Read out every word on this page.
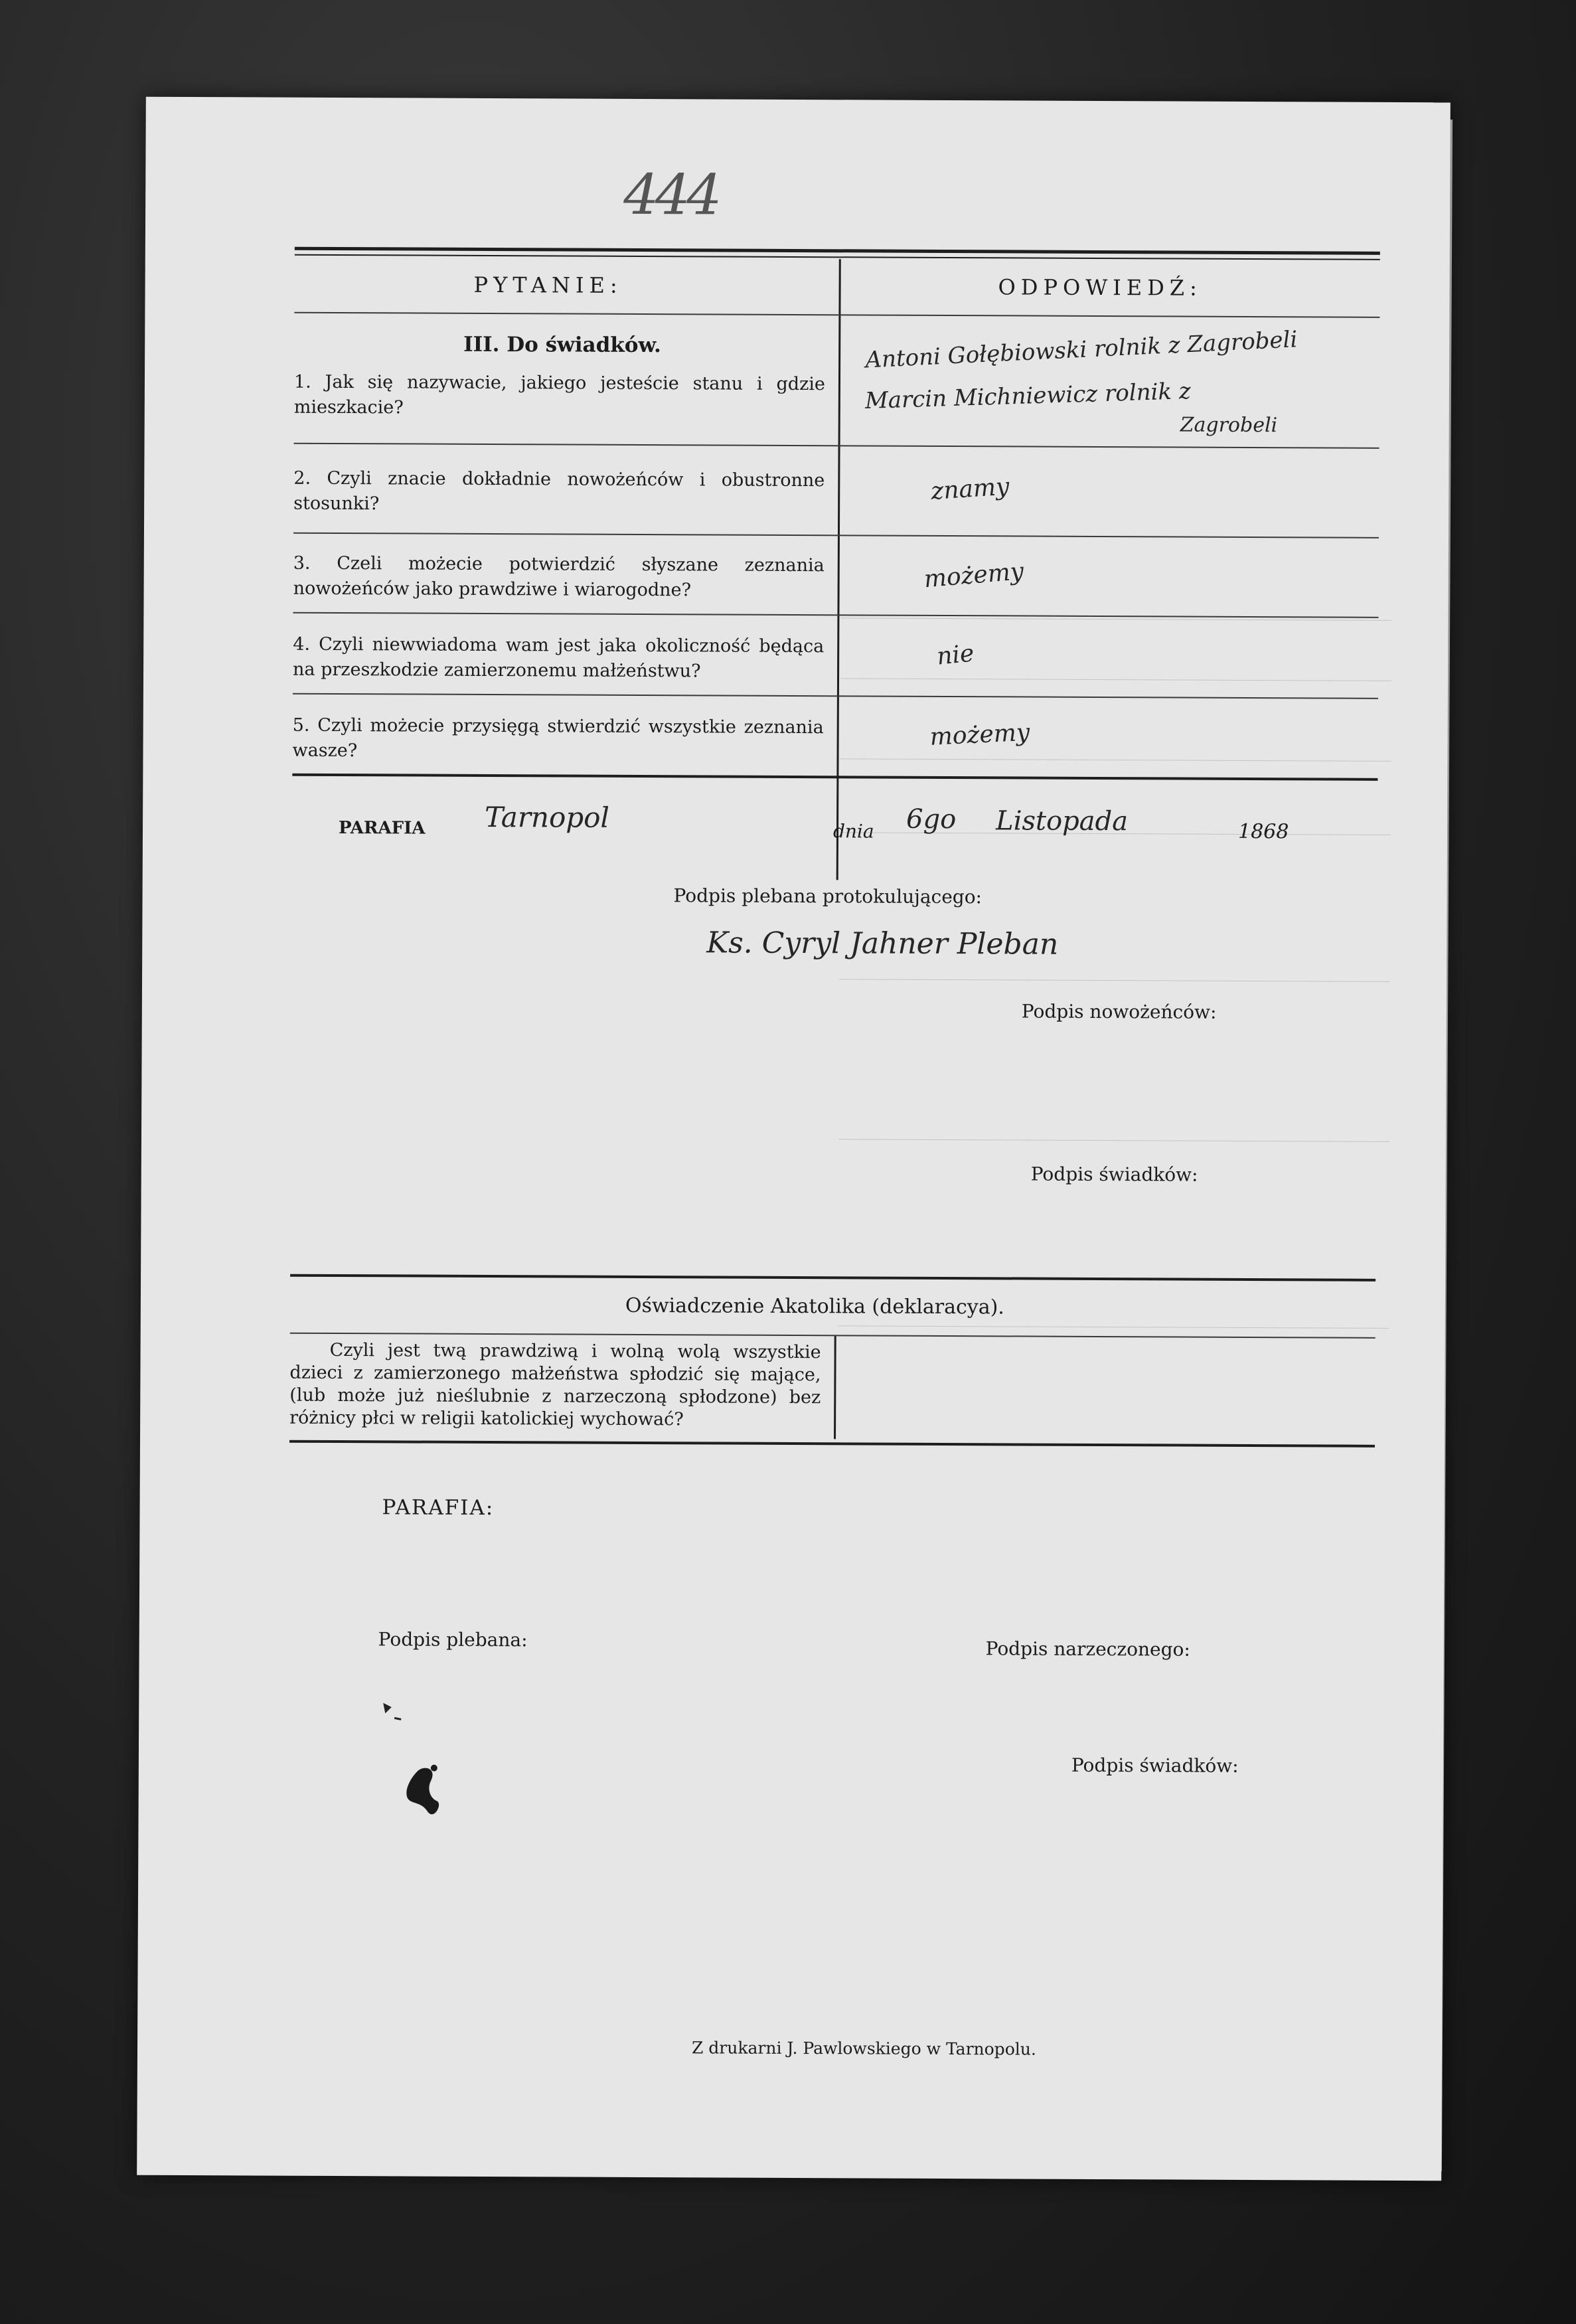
444
PYTANIE:	ODPOWIEDŹ:
III. Do świadków.
1. Jak się nazywacie, jakiego jesteście stanu i gdzie mieszkacie?
Antoni Gołębiowski rolnik z Zagrobeli
Marcin Michniewicz rolnik z
Zagrobeli
2. Czyli znacie dokładnie nowożeńców i obustronne stosunki?	znamy
3. Czeli możecie potwierdzić słyszane zeznania nowożeńców jako prawdziwe i wiarogodne?	możemy
4. Czyli niewwiadoma wam jest jaka okoliczność będąca na przeszkodzie zamierzonemu małżeństwu?	nie
5. Czyli możecie przysięgą stwierdzić wszystkie zeznania wasze?	możemy
PARAFIA Tarnopol	dnia 6go Listopada	1868
Podpis plebana protokulującego:
Ks. Cyryl Jahner Pleban
Podpis nowożeńców:
Podpis świadków:
Oświadczenie Akatolika (deklaracya).
Czyli jest twą prawdziwą i wolną wolą wszystkie dzieci z zamierzonego małżeństwa spłodzić się mające, (lub może już nieślubnie z narzeczoną spłodzone) bez różnicy płci w religii katolickiej wychować?
PARAFIA:
Podpis plebana:	Podpis narzeczonego:
Podpis świadków:
Z drukarni J. Pawlowskiego w Tarnopolu.
